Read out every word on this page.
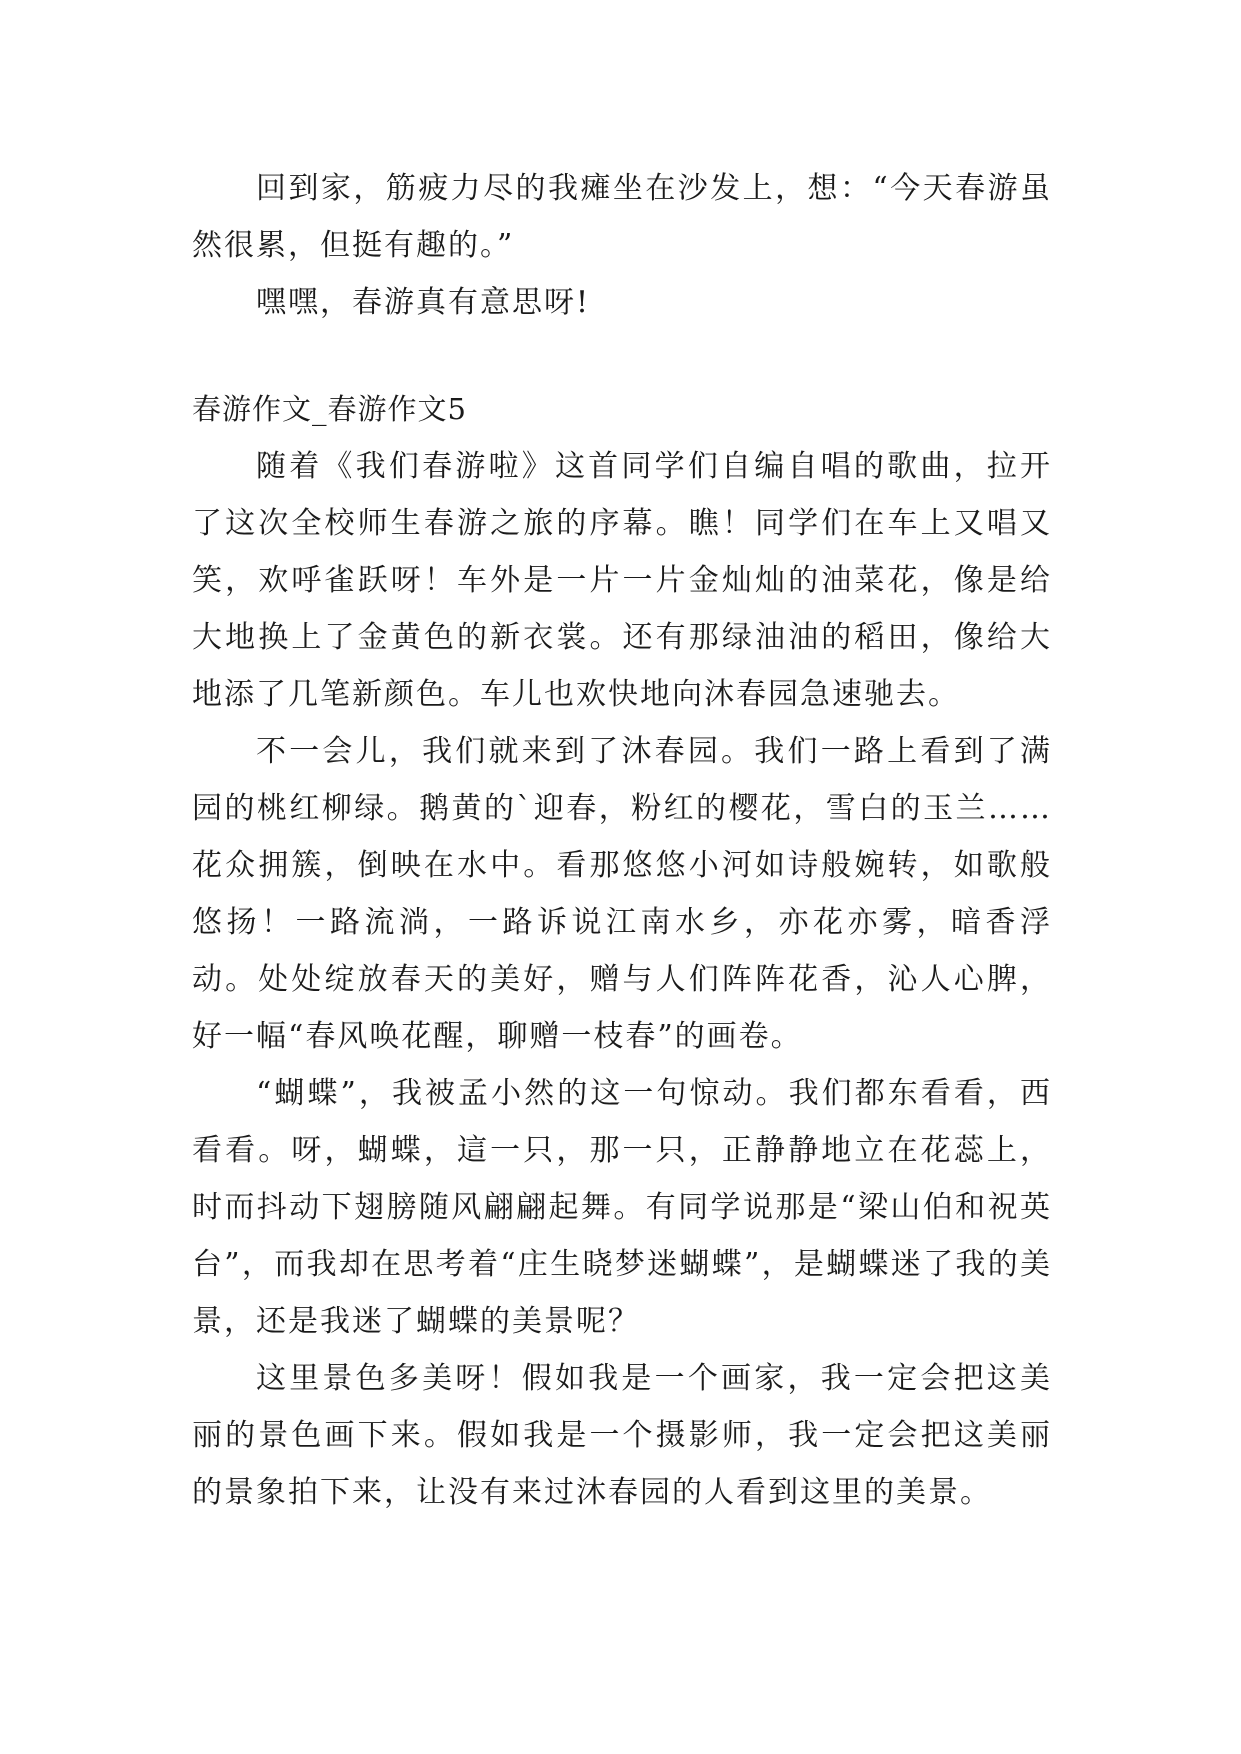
回到家，筋疲力尽的我瘫坐在沙发上，想：“今天春游虽然很累，但挺有趣的。”

嘿嘿，春游真有意思呀!

春游作文_春游作文5

随着《我们春游啦》这首同学们自编自唱的歌曲，拉开了这次全校师生春游之旅的序幕。瞧！同学们在车上又唱又笑，欢呼雀跃呀！车外是一片一片金灿灿的油菜花，像是给大地换上了金黄色的新衣裳。还有那绿油油的稻田，像给大地添了几笔新颜色。车儿也欢快地向沐春园急速驰去。

不一会儿，我们就来到了沐春园。我们一路上看到了满园的桃红柳绿。鹅黄的`迎春，粉红的樱花，雪白的玉兰……花众拥簇，倒映在水中。看那悠悠小河如诗般婉转，如歌般悠扬！一路流淌，一路诉说江南水乡，亦花亦雾，暗香浮动。处处绽放春天的美好，赠与人们阵阵花香，沁人心脾，好一幅“春风唤花醒，聊赠一枝春”的画卷。

“蝴蝶”，我被孟小然的这一句惊动。我们都东看看，西看看。呀，蝴蝶，這一只，那一只，正静静地立在花蕊上，时而抖动下翅膀随风翩翩起舞。有同学说那是“梁山伯和祝英台”，而我却在思考着“庄生晓梦迷蝴蝶”，是蝴蝶迷了我的美景，还是我迷了蝴蝶的美景呢？

这里景色多美呀！假如我是一个画家，我一定会把这美丽的景色画下来。假如我是一个摄影师，我一定会把这美丽的景象拍下来，让没有来过沐春园的人看到这里的美景。
